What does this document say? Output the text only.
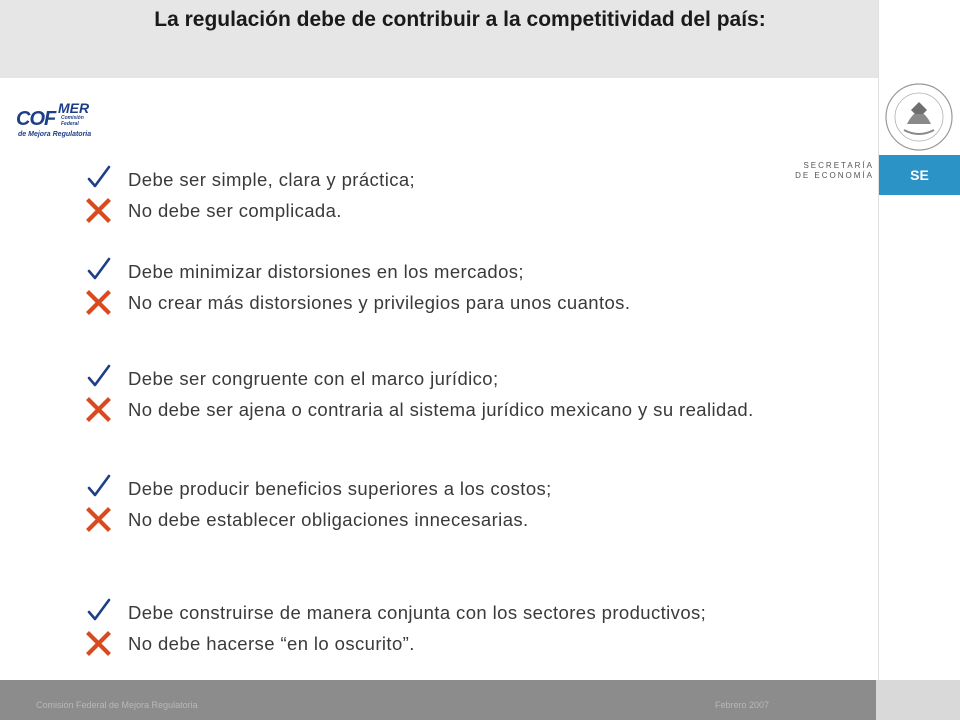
La regulación debe de contribuir a la competitividad del país:
SE
SECRETARÍA
DE ECONOMÍA
COF MER
Comisión Federal
de Mejora Regulatoria
Debe ser simple, clara y práctica;
No debe ser complicada.
Debe minimizar distorsiones en los mercados;
No crear más distorsiones y privilegios para unos cuantos.
Debe ser congruente con el marco jurídico;
No debe ser ajena o contraria al sistema jurídico mexicano y su realidad.
Debe producir beneficios superiores a los costos;
No debe establecer obligaciones innecesarias.
Debe construirse de manera conjunta con los sectores productivos;
No debe hacerse “en lo oscurito”.
Comisión Federal de Mejora Regulatoria	Febrero 2007
